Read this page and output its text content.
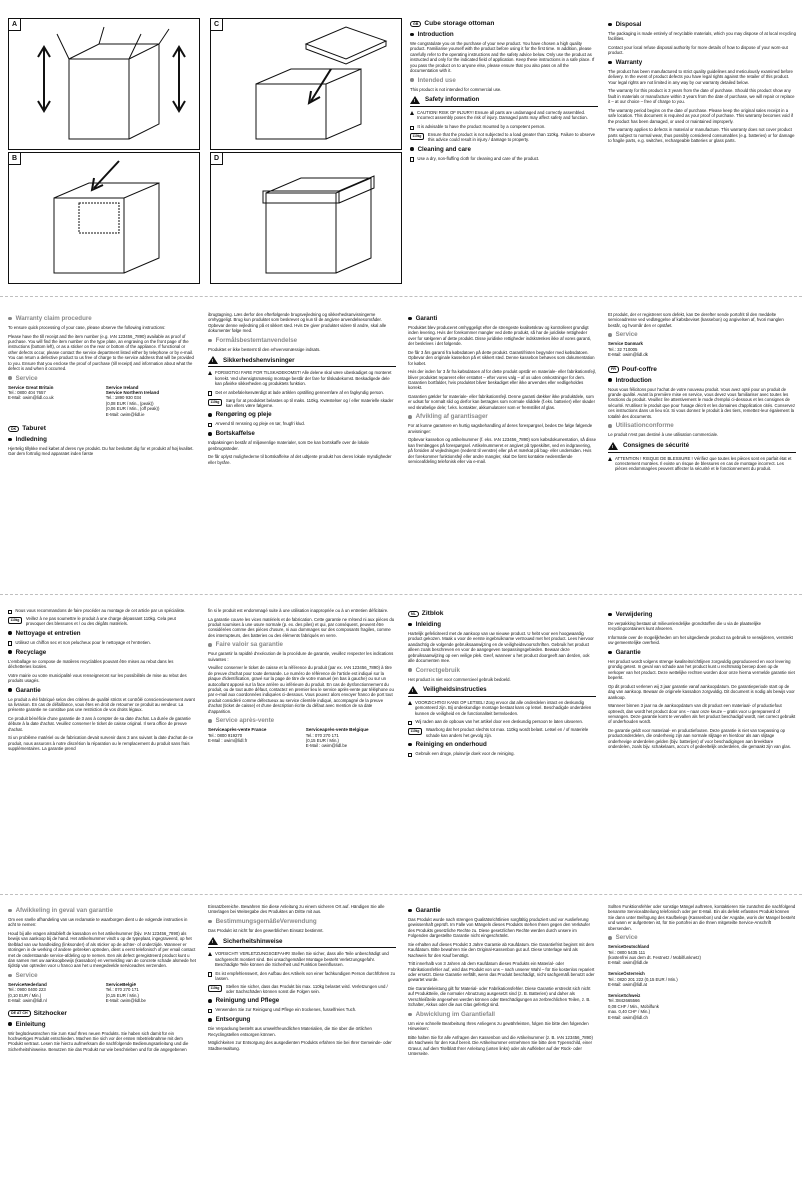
A	C
B	D
GB Cube storage ottoman
Introduction

We congratulate you on the purchase of your new product. You have chosen a high quality product. Familiarise yourself with the product before using it for the first time. In addition, please carefully refer to the operating instructions and the safety advice below. Only use the product as instructed and only for the indicated field of application. Keep these instructions in a safe place. If you pass the product on to anyone else, please ensure that you also pass on all the documentation with it.

Intended use

This product is not intended for commercial use.

!
Safety information

CAUTION! RISK OF INJURY! Ensure all parts are undamaged and correctly assembled. Incorrect assembly poses the risk of injury. Damaged parts may affect safety and function.

It is advisable to have the product mounted by a competent person.
110kg	Ensure that the product is not subjected to a load greater than 110kg. Failure to observe this advice could result in injury / damage to property.
Cleaning and care
Use a dry, non-fluffing cloth for cleaning and care of the product.
Disposal

The packaging is made entirely of recyclable materials, which you may dispose of at local recycling facilities.

Contact your local refuse disposal authority for more details of how to dispose of your worn-out product.

Warranty

The product has been manufactured to strict quality guidelines and meticulously examined before delivery. In the event of product defects you have legal rights against the retailer of this product. Your legal rights are not limited in any way by our warranty detailed below.

The warranty for this product is 3 years from the date of purchase. Should this product show any fault in materials or manufacture within 3 years from the date of purchase, we will repair or replace it – at our choice – free of charge to you.

The warranty period begins on the date of purchase. Please keep the original sales receipt in a safe location. This document is required as your proof of purchase. This warranty becomes void if the product has been damaged, or used or maintained improperly.

The warranty applies to defects in material or manufacture. This warranty does not cover product parts subject to normal wear, thus possibly considered consumables (e.g. batteries) or for damage to fragile parts, e.g. switches, rechargeable batteries or glass parts.

Warranty claim procedure

To ensure quick processing of your case, please observe the following instructions:

Please have the till receipt and the item number (e.g. IAN 123456_7890) available as proof of purchase. You will find the item number on the type plate, an engraving on the front page of the instructions (bottom left), or as a sticker on the rear or bottom of the appliance. If functional or other defects occur, please contact the service department listed either by telephone or by e-mail. You can return a defective product to us free of charge to the service address that will be provided to you. Ensure that you enclose the proof of purchase (till receipt) and information about what the defect is and when it occurred.

Service
Service Great Britain
Tel.: 0800 404 7657
E-Mail: owim@lidl.co.uk
Service Ireland
Service Northern Ireland
Tel.: 1890 930 034
(0,08 EUR / Min., (peak))
(0,06 EUR / Min., (off peak))
E-Mail: owim@lidl.ie
DK Taburet
Indledning

Hjertelig tillykke med købet af deres nye produkt. Du har besluttet dig for et produkt af høj kvalitet. Gør dem fortrolig med apparatet inden første

ibrugtagning. Læs derfor den efterfølgende brugsvejledning og sikkerhedsanvisningerne omhyggeligt. Brug kun produktet som beskrevet og kun til de angivne anvendelsesområder. Opbevar denne vejledning på et sikkert sted. Hvis De giver produktet videre til andre, skal alle dokumenter følge med.

Formålsbestemtanvendelse

Produktet er ikke bestemt til den erhvervsmæssige indsats.

!
Sikkerhedshenvisninger

FORSIGTIG! FARE FOR TILSKADEKOMST! Alle delene skal være ubeskadiget og monteret korrekt. Ved uhensigtsmæssig montage består der fare for tilskadekomst. Beskadigede dele kan påvirke sikkerheden og produktets funktion.

Det er anbefalelsesværdigt at lade artiklen opstilling gennemføre af en fagkyndig person.
110kg	Sørg for at produktet belastes op til maks. 110kg. Kvæstelser og / eller materielle skader kan ellers være følgerne.
Rengøring og pleje
Anvend til rensning og pleje en tør, fnugfri klud.
Bortskaffelse

Indpakningen består af miljøvenlige materialer, som De kan bortskaffe over de lokale genbrugssteder.

De får oplyst mulighederne til bortskaffelse af det udtjente produkt hos deres lokale myndigheder eller byråre.

Garanti

Produktet blev produceret omhyggeligt efter de strengeste kvalitetskrav og kontrolleret grundigt inden levering. Hvis der forekommer mangler ved dette produkt, så har de juridiske rettigheder over for sælgeren af dette produkt. Disse juridiske rettigheder indskrænkes ikke af vores garanti, der beskrives i det følgende.

De får 3 års garanti fra købsdatoen på dette produkt. Garantifristen begynder med købsdatoen. Opbevar den originale kassebon på et sikkert sted. Denne kassebon behøves som dokumentation for købet.

Hvis der inden for 3 år fra købsdatoen af for dette produkt opstår en materiale- eller fabrikationsfejl, bliver produktet repareret eller erstattet – efter vores valg – af os uden omkostninger for dem. Garantien bortfalder, hvis produktet bliver beskadiget eller ikke anvendes eller vedligeholdes korrekt.

Garantien gælder for materiale- eller fabrikationsfejl. Denne garanti dækker ikke produktdele, som er udsat for normalt slid og derfor kan betragtes som normale sliddele (f.eks. batterier) eller skader ved skrøbelige dele; f.eks. kontakter, akkumulatorer som er fremstillet af glas.

Afvikling af garantisager

For at kunne garantere en hurtig sagsbehandling af deres forespørgsel, bedes De følge følgende anvisninger:

Opbevar kassebon og artikelnummer (f. eks. IAN 123456_7890) som købsdokumentation, så disse kan fremlægges på forespørgsel. Artikelnummeret er angivet på typeskiltet, ved en indgravering, på forsiden af vejledningen (nederst til venstre) eller på et mærkat på bag- eller undersiden. Hvis der forekommer funktionsfejl eller andre mangler, skal De først kontakte nedenstående serviceafdeling telefonisk eller via e-mail.

Et produkt, der er registreret som defekt, kan De derefter sende portofrit til den meddelte serviceadresse ved vedlæggelse af købsbeviset (kassebon) og angivelsen af, hvori manglen består, og hvornår den er opstået.

Service
Service Danmark
Tel.: 32 710005
E-Mail: owim@lidl.dk
FR Pouf-coffre
Introduction

Nous vous félicitons pour l'achat de votre nouveau produit. Vous avez opté pour un produit de grande qualité. Avant la première mise en service, vous devez vous familiariser avec toutes les fonctions du produit. Veuillez lire attentivement le mode d'emploi ci-dessous et les consignes de sécurité. N'utilisez le produit que pour l'usage décrit et les domaines d'application cités. Conservez ces instructions dans un lieu sûr. Si vous donnez le produit à des tiers, remettez-leur également la totalité des documents.

Utilisationconforme

Le produit n'est pas destiné à une utilisation commerciale.

!
Consignes de sécurité

ATTENTION ! RISQUE DE BLESSURE ! Vérifiez que toutes les pièces sont en parfait état et correctement montées. Il existe un risque de blessures en cas de montage incorrect. Les pièces endommagées peuvent affecter la sécurité et le fonctionnement du produit.

Nous vous recommandons de faire procéder au montage de cet article par un spécialiste.
110kg	Veillez à ne pas soumettre le produit à une charge dépassant 110kg. Cela peut provoquer des blessures et / ou des dégâts matériels.
Nettoyage et entretien
Utilisez un chiffon sec et non pelucheux pour le nettoyage et l'entretien.
Recyclage

L'emballage se compose de matières recyclables pouvant être mises au rebut dans les déchetteries locales.

Votre mairie ou votre municipalité vous renseigneront sur les possibilités de mise au rebut des produits usagés.

Garantie

Le produit a été fabriqué selon des critères de qualité stricts et contrôlé consciencieusement avant sa livraison. En cas de défaillance, vous êtes en droit de retourner ce produit au vendeur. La présente garantie ne constitue pas une restriction de vos droits légaux.

Ce produit bénéficie d'une garantie de 3 ans à compter de sa date d'achat. La durée de garantie débute à la date d'achat. Veuillez conserver le ticket de caisse original. Il sera office de preuve d'achat.

Si un problème matériel ou de fabrication devait survenir dans 3 ans suivant la date d'achat de ce produit, nous assurons à notre discrétion la réparation ou le remplacement du produit sans frais supplémentaires. La garantie prend

fin si le produit est endommagé suite à une utilisation inappropriée ou à un entretien déficitaire.

La garantie couvre les vices matériels et de fabrication. Cette garantie ne s'étend ni aux pièces du produit soumises à une usure normale (p. ex. des piles) et qui, par conséquent, peuvent être considérées comme des pièces d'usure, ni aux dommages sur des composants fragiles, comme des interrupteurs, des batteries ou des éléments fabriqués en verre.

Faire valoir sa garantie

Pour garantir la rapidité d'exécution de la procédure de garantie, veuillez respecter les indications suivantes :

Veuillez conserver le ticket de caisse et la référence du produit (par ex. IAN 123456_7890) à titre de preuve d'achat pour toute demande. Le numéro de référence de l'article est indiqué sur la plaque d'identification, gravé sur la page de titre de votre manuel (en bas à gauche) ou sur un autocollant apposé sur la face arrière ou inférieure du produit. En cas de dysfonctionnement du produit, ou de tout autre défaut, contactez en premier lieu le service après-vente par téléphone ou par e-mail aux coordonnées indiquées ci-dessous. Vous pouvez alors envoyer franco de port tout produit considéré comme défectueux au service clientèle indiqué, accompagné de la preuve d'achat (ticket de caisse) et d'une description écrite du défaut avec mention de sa date d'apparition.

Service après-vente
Serviceaprès-vente France
Tel.: 0800 919270
E-Mail : owim@lidl.fr
Serviceaprès-vente Belgique
Tel.: 070 270 171
(0,15 EUR / Min.)
E-Mail : owim@lidl.be
NL Zitblok
Inleiding

Hartelijk gefeliciteerd met de aankoop van uw nieuwe product. U hebt voor een hoogwaardig product gekozen. Maak u voor de eerste ingebruikname vertrouwd met het product. Lees hiervoor aandachtig de volgende gebruiksaanwijzing en de veiligheidsvoorschriften. Gebruik het product alleen zoals beschreven en voor de aangegeven toepassingsgebieden. Bewaar deze gebruiksaanwijzing op een veilige plek. Geef, wanneer u het product doorgeeft aan derden, ook alle documenten mee.

Correctgebruik

Het product is niet voor commercieel gebruik bedoeld.

!
Veiligheidsinstructies

VOORZICHTIG! KANS OP LETSEL! Zorg ervoor dat alle onderdelen intact en deskundig gemonteerd zijn. Bij ondeskundige montage bestaat kans op letsel. Beschadigde onderdelen kunnen de veiligheid en de functionaliteit beïnvloeden.

Wij raden aan de opbouw van het artikel door een deskundig persoon te laten uitvoeren.
110kg	Waarborg dat het product slechts tot max. 110kg wordt belast. Letsel en / of materiële schade kan anders het gevolg zijn.
Reiniging en onderhoud
Gebruik een droge, pluisvrije doek voor de reiniging.
Verwijdering

De verpakking bestaat uit milieuvriendelijke grondstoffen die u via de plaatselijke recyclingcontainers kunt afvoeren.

Informatie over de mogelijkheden om het uitgediende product na gebruik te verwijderen, verstrekt uw gemeentelijke overheid.

Garantie

Het product wordt volgens strenge kwaliteitsrichtlijnen zorgvuldig geproduceerd en voor levering grondig getest. In geval van schade aan het product kunt u rechtmatig beroep doen op de verkoper van het product. Deze wettelijke rechten worden door onze hierna vermelde garantie niet beperkt.

Op dit product verlenen wij 3 jaar garantie vanaf aankoopdatum. De garantieperiode start op de dag van aankoop. Bewaar de originele kassabon zorgvuldig. Dit document is nodig als bewijs voor aankoop.

Wanneer binnen 3 jaar na de aankoopdatum van dit product een materiaal- of productiefout optreedt, dan wordt het product door ons – naar onze keuze – gratis voor u gerepareerd of vervangen. Deze garantie komt te vervallen als het product beschadigd wordt, niet correct gebruikt of onderhouden wordt.

De garantie geldt voor materiaal- en productiefouten. Deze garantie is niet van toepassing op productonderdelen, die onderhevig zijn aan normale slijtage en hierdoor als aan slijtage onderhevige onderdelen gelden (bijv. batterijen) of voor beschadigingen aan breekbare onderdelen, zoals bijv. schakelaars, accu's of gedeeltelijk onderdelen, die gemaakt zijn van glas.

Afwikkeling in geval van garantie

Om een snelle afhandeling van uw reclamatie te waarborgen dient u de volgende instructies in acht te nemen:

Houd bij alle vragen alstublieft de kassabon en het artikelnummer (bijv. IAN 123456_7890) als bewijs van aankoop bij de hand. Het artikelnummer vindt u op de typeplaat, ingegraveerd, op het titelblad van uw handleiding (linksonder) of als sticker op de achter- of onderzijde. Wanneer er storingen in de werking of andere gebreken optreden, dient u eerst telefonisch of per email contact met de onderstaande service-afdeling op te nemen. Een als defect geregistreerd product kunt u dan samen met uw aankoopbewijs (kassabon) en vermelding van de concrete schade alsmede het tijdstip van optreden voor u franco aan het u meegedeelde serviceadres verzenden.

Service
ServiceNederland
Tel.: 0900 0400 223
(0,10 EUR / Min.)
E-Mail: owim@lidl.nl
ServiceBelgië
Tel.: 070 270 171
(0,15 EUR / Min.)
E-Mail: owim@lidl.be
DE AT CH Sitzhocker
Einleitung

Wir beglückwünschen Sie zum Kauf Ihres neuen Produkts. Sie haben sich damit für ein hochwertiges Produkt entschieden. Machen Sie sich vor der ersten Inbetriebnahme mit dem Produkt vertraut. Lesen Sie hierzu aufmerksam die nachfolgende Bedienungsanleitung und die Sicherheitshinweise. Benutzen Sie das Produkt nur wie beschrieben und für die angegebenen

Einsatzbereiche. Bewahren Sie diese Anleitung zu einem sicheren Ort auf. Händigen Sie alle Unterlagen bei Weitergabe des Produktes an Dritte mit aus.

BestimmungsgemäßeVerwendung

Das Produkt ist nicht für den gewerblichen Einsatz bestimmt.

!
Sicherheitshinweise

VORSICHT! VERLETZUNGSGEFAHR! Stellen Sie sicher, dass alle Teile unbeschädigt und sachgerecht montiert sind. Bei unsachgemäßer Montage besteht Verletzungsgefahr. Beschädigte Teile können die Sicherheit und Funktion beeinflussen.

Es ist empfehlenswert, den Aufbau des Artikels von einer fachkundigen Person durchführen zu lassen.
110kg	Stellen Sie sicher, dass das Produkt bis max. 110kg belastet wird. Verletzungen und / oder Sachschäden können sonst die Folgen sein.
Reinigung und Pflege
Verwenden Sie zur Reinigung und Pflege ein trockenes, fusselfreies Tuch.
Entsorgung

Die Verpackung besteht aus umweltfreundlichen Materialien, die Sie über die örtlichen Recyclingstellen entsorgen können.

Möglichkeiten zur Entsorgung des ausgedienten Produkts erfahren Sie bei Ihrer Gemeinde- oder Stadtverwaltung.

Garantie

Das Produkt wurde nach strengen Qualitätsrichtlinien sorgfältig produziert und vor Auslieferung gewissenhaft geprüft. Im Falle von Mängeln dieses Produkts stehen Ihnen gegen den Verkäufer des Produkts gesetzliche Rechte zu. Diese gesetzlichen Rechte werden durch unsere im Folgenden dargestellte Garantie nicht eingeschränkt.

Sie erhalten auf dieses Produkt 3 Jahre Garantie ab Kaufdatum. Die Garantiefrist beginnt mit dem Kaufdatum. Bitte bewahren Sie den Original-Kassenbon gut auf. Diese Unterlage wird als Nachweis für den Kauf benötigt.

Tritt innerhalb von 3 Jahren ab dem Kaufdatum dieses Produkts ein Material- oder Fabrikationsfehler auf, wird das Produkt von uns – nach unserer Wahl – für Sie kostenlos repariert oder ersetzt. Diese Garantie verfällt, wenn das Produkt beschädigt, nicht sachgemäß benutzt oder gewartet wurde.

Die Garantieleistung gilt für Material- oder Fabrikationsfehler. Diese Garantie erstreckt sich nicht auf Produktteile, die normaler Abnutzung ausgesetzt sind (z. B. Batterien) und daher als Verschleißteile angesehen werden können oder Beschädigungen an zerbrechlichen Teilen, z. B. Schalter, Akkus oder die aus Glas gefertigt sind.

Abwicklung im Garantiefall

Um eine schnelle Bearbeitung Ihres Anliegens zu gewährleisten, folgen Sie bitte den folgenden Hinweisen:

Bitte halten Sie für alle Anfragen den Kassenbon und die Artikelnummer (z. B. IAN 123456_7890) als Nachweis für den Kauf bereit. Die Artikelnummer entnehmen Sie bitte dem Typenschild, einer Gravur, auf dem Titelblatt Ihrer Anleitung (unten links) oder als Aufkleber auf der Rück- oder Unterseite.

Sollten Funktionsfehler oder sonstige Mängel auftreten, kontaktieren Sie zunächst die nachfolgend benannte Serviceabteilung telefonisch oder per E-Mail. Ein als defekt erfasstes Produkt können Sie dann unter Beifügung des Kaufbelegs (Kassenbon) und der Angabe, worin der Mangel besteht und wann er aufgetreten ist, für Sie portofrei an die Ihnen mitgeteilte Service-Anschrift übersenden.

Service
ServiceDeutschland
Tel.: 0800 5435 111
(kostenfrei aus dem dt. Festnetz / Mobilfunknetz)
E-Mail: owim@lidl.de

ServiceÖsterreich
Tel.: 0820 201 222 (0,15 EUR / Min.)
E-Mail: owim@lidl.at

ServiceSchweiz
Tel.:0842665566
0,08 CHF / Min., Mobilfunk
max. 0,40 CHF / Min.)
E-Mail: owim@lidl.ch
